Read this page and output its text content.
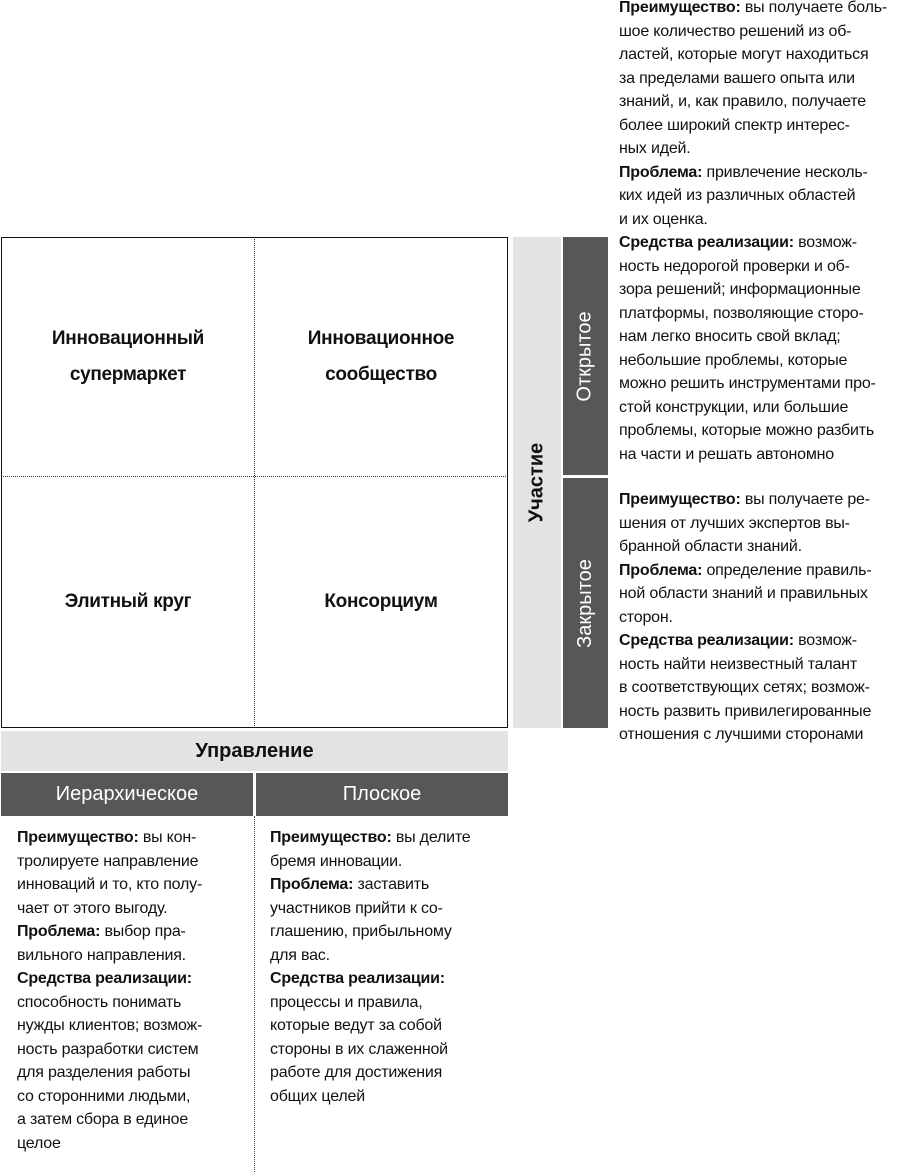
Преимущество: вы получаете боль-
шое количество решений из об-
ластей, которые могут находиться
за пределами вашего опыта или
знаний, и, как правило, получаете
более широкий спектр интерес-
ных идей.
Проблема: привлечение несколь-
ких идей из различных областей
и их оценка.
Средства реализации: возмож-
ность недорогой проверки и об-
зора решений; информационные
платформы, позволяющие сторо-
нам легко вносить свой вклад;
небольшие проблемы, которые
можно решить инструментами про-
стой конструкции, или большие
проблемы, которые можно разбить
на части и решать автономно
Инновационный
супермаркет
Инновационное
сообщество
Элитный круг	Консорциум
Участие
Открытое
Закрытое
Преимущество: вы получаете ре-
шения от лучших экспертов вы-
бранной области знаний.
Проблема: определение правиль-
ной области знаний и правильных
сторон.
Средства реализации: возмож-
ность найти неизвестный талант
в соответствующих сетях; возмож-
ность развить привилегированные
отношения с лучшими сторонами
Управление
Иерархическое	Плоское
Преимущество: вы кон-
тролируете направление
инноваций и то, кто полу-
чает от этого выгоду.
Проблема: выбор пра-
вильного направления.
Средства реализации:
способность понимать
нужды клиентов; возмож-
ность разработки систем
для разделения работы
со сторонними людьми,
а затем сбора в единое
целое
Преимущество: вы делите
бремя инновации.
Проблема: заставить
участников прийти к со-
глашению, прибыльному
для вас.
Средства реализации:
процессы и правила,
которые ведут за собой
стороны в их слаженной
работе для достижения
общих целей
